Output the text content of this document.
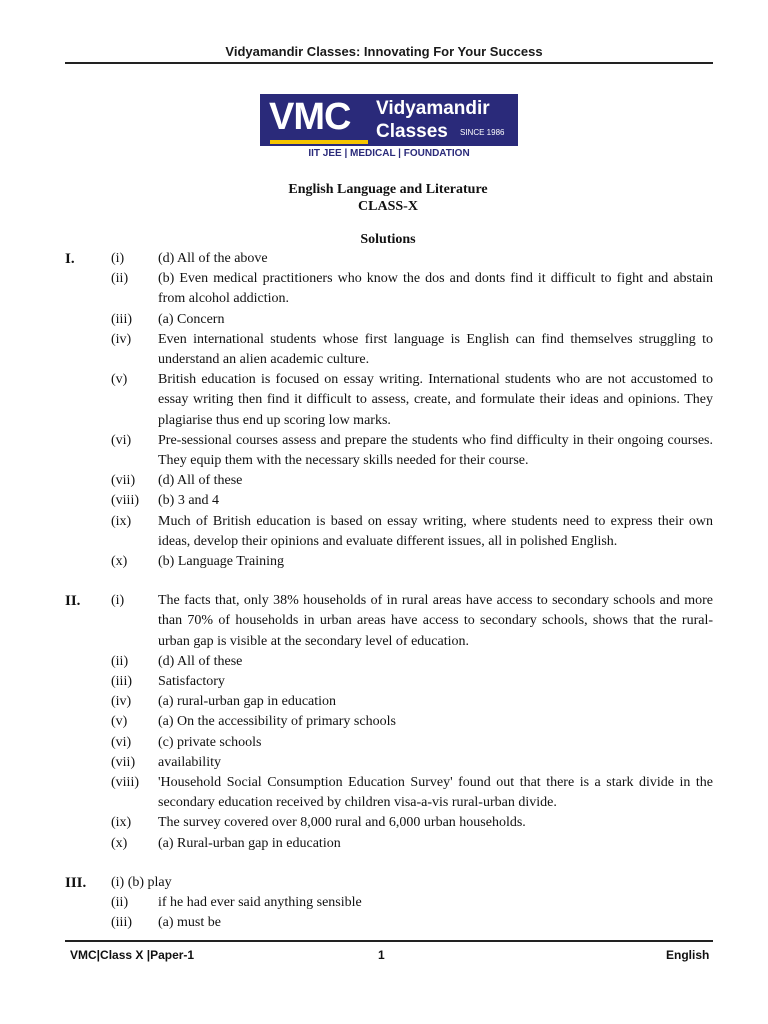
Vidyamandir Classes: Innovating For Your Success
VMC Vidyamandir
Classes SINCE 1986
IIT JEE | MEDICAL | FOUNDATION
English Language and Literature
CLASS-X
Solutions
I.	(i) (d) All of the above
(ii) (b) Even medical practitioners who know the dos and donts find it difficult to fight and abstain from alcohol addiction.
(iii) (a) Concern
(iv) Even international students whose first language is English can find themselves struggling to understand an alien academic culture.
(v) British education is focused on essay writing. International students who are not accustomed to essay writing then find it difficult to assess, create, and formulate their ideas and opinions. They plagiarise thus end up scoring low marks.
(vi) Pre-sessional courses assess and prepare the students who find difficulty in their ongoing courses. They equip them with the necessary skills needed for their course.
(vii) (d) All of these
(viii) (b) 3 and 4
(ix) Much of British education is based on essay writing, where students need to express their own ideas, develop their opinions and evaluate different issues, all in polished English.
(x) (b) Language Training
II. (i) The facts that, only 38% households of in rural areas have access to secondary schools and more than 70% of households in urban areas have access to secondary schools, shows that the rural-urban gap is visible at the secondary level of education.
(ii) (d) All of these
(iii) Satisfactory
(iv) (a) rural-urban gap in education
(v) (a) On the accessibility of primary schools
(vi) (c) private schools
(vii) availability
(viii) 'Household Social Consumption Education Survey' found out that there is a stark divide in the secondary education received by children visa-a-vis rural-urban divide.
(ix) The survey covered over 8,000 rural and 6,000 urban households.
(x) (a) Rural-urban gap in education
III. (i) (b) play
(ii) if he had ever said anything sensible
(iii) (a) must be
VMC|Class X |Paper-1	1	English
